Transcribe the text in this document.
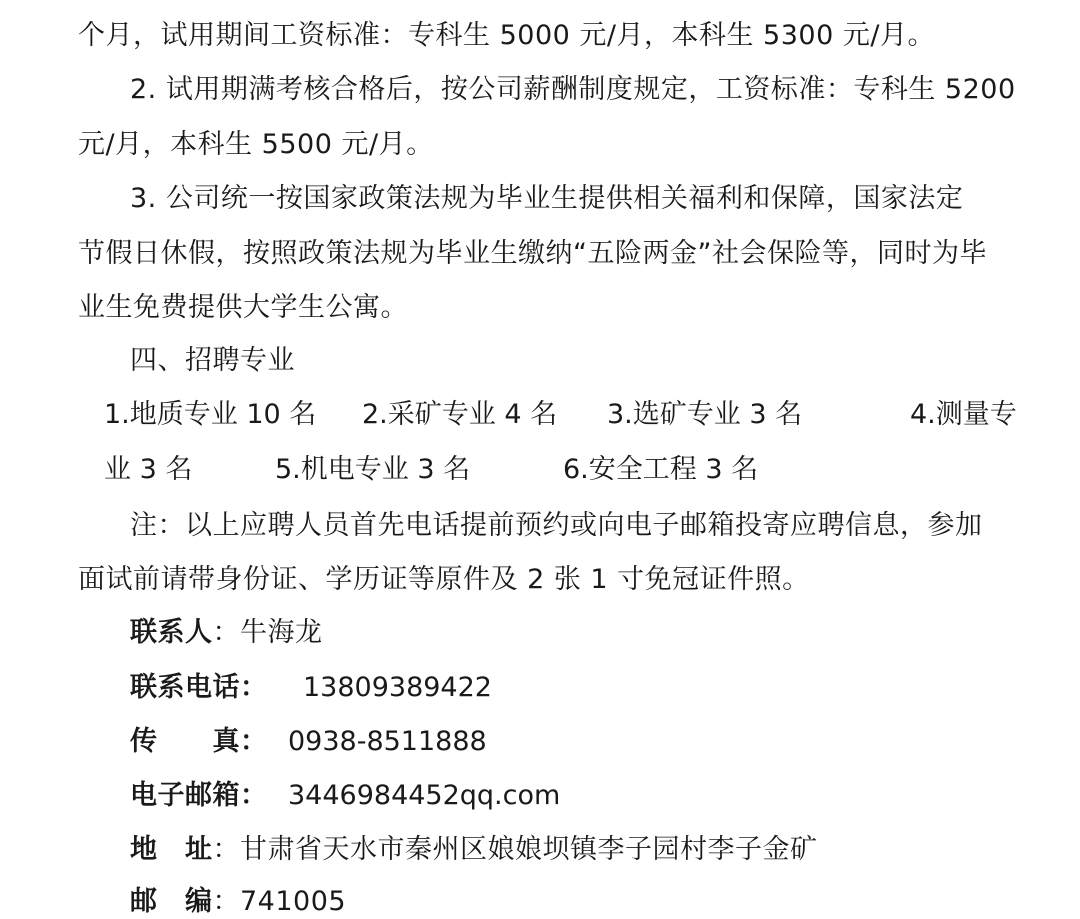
个月，试用期间工资标准：专科生 5000 元/月，本科生 5300 元/月。
2. 试用期满考核合格后，按公司薪酬制度规定，工资标准：专科生 5200
元/月，本科生 5500 元/月。
3. 公司统一按国家政策法规为毕业生提供相关福利和保障，国家法定
节假日休假，按照政策法规为毕业生缴纳“五险两金”社会保险等，同时为毕
业生免费提供大学生公寓。
四、招聘专业
1.地质专业 10 名 2.采矿专业 4 名 3.选矿专业 3 名	4.测量专
业 3 名	5.机电专业 3 名	6.安全工程 3 名
注：以上应聘人员首先电话提前预约或向电子邮箱投寄应聘信息，参加
面试前请带身份证、学历证等原件及 2 张 1 寸免冠证件照。
联系人：牛海龙
联系电话： 13809389422
传　　真： 0938-8511888
电子邮箱： 3446984452qq.com
地　址：甘肃省天水市秦州区娘娘坝镇李子园村李子金矿
邮　编：741005
